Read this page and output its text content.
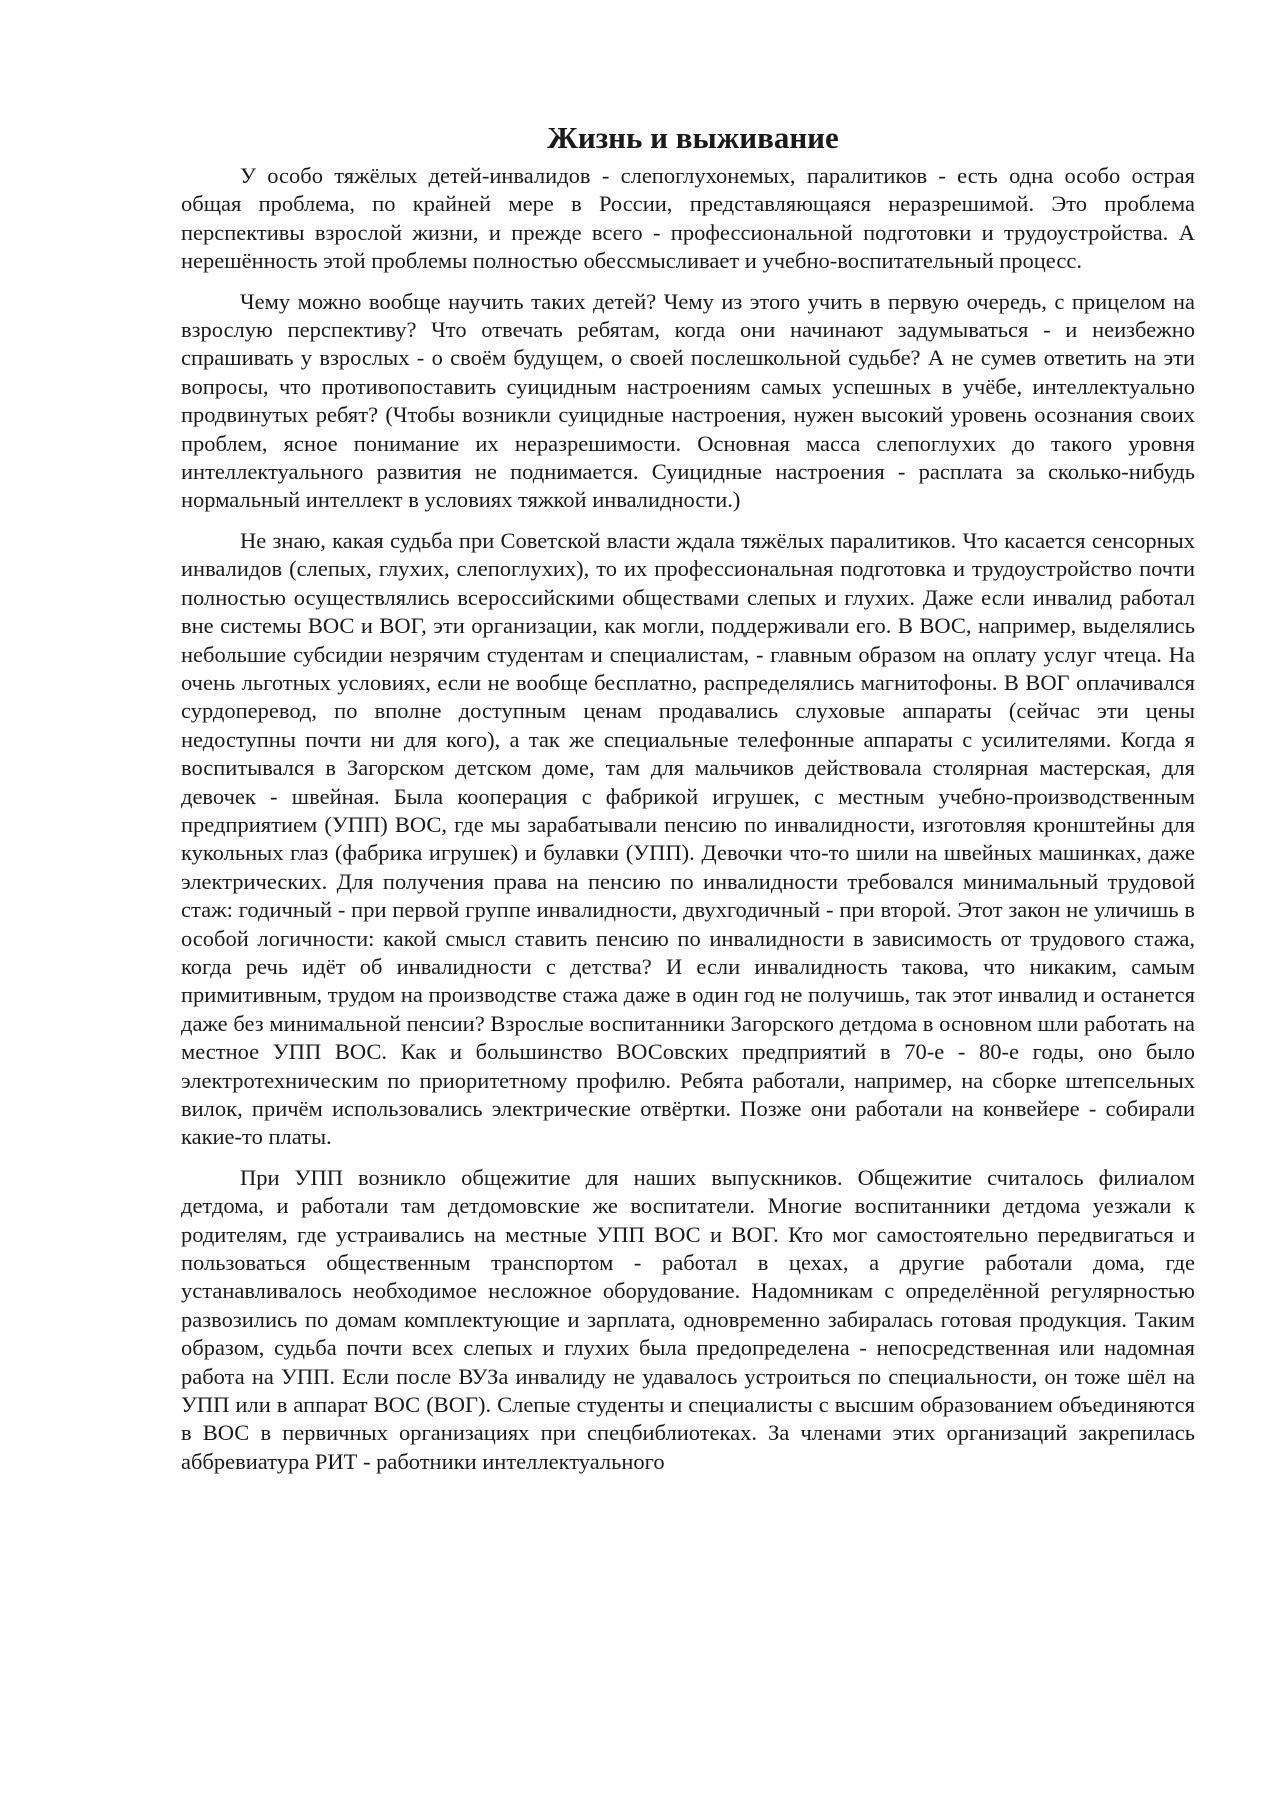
Жизнь и выживание

У особо тяжёлых детей-инвалидов - слепоглухонемых, паралитиков - есть одна особо острая общая проблема, по крайней мере в России, представляющаяся неразрешимой. Это проблема перспективы взрослой жизни, и прежде всего - профессиональной подготовки и трудоустройства. А нерешённость этой проблемы полностью обессмысливает и учебно-воспитательный процесс.

Чему можно вообще научить таких детей? Чему из этого учить в первую очередь, с прицелом на взрослую перспективу? Что отвечать ребятам, когда они начинают задумываться - и неизбежно спрашивать у взрослых - о своём будущем, о своей послешкольной судьбе? А не сумев ответить на эти вопросы, что противопоставить суицидным настроениям самых успешных в учёбе, интеллектуально продвинутых ребят? (Чтобы возникли суицидные настроения, нужен высокий уровень осознания своих проблем, ясное понимание их неразрешимости. Основная масса слепоглухих до такого уровня интеллектуального развития не поднимается. Суицидные настроения - расплата за сколько-нибудь нормальный интеллект в условиях тяжкой инвалидности.)

Не знаю, какая судьба при Советской власти ждала тяжёлых паралитиков. Что касается сенсорных инвалидов (слепых, глухих, слепоглухих), то их профессиональная подготовка и трудоустройство почти полностью осуществлялись всероссийскими обществами слепых и глухих. Даже если инвалид работал вне системы ВОС и ВОГ, эти организации, как могли, поддерживали его. В ВОС, например, выделялись небольшие субсидии незрячим студентам и специалистам, - главным образом на оплату услуг чтеца. На очень льготных условиях, если не вообще бесплатно, распределялись магнитофоны. В ВОГ оплачивался сурдоперевод, по вполне доступным ценам продавались слуховые аппараты (сейчас эти цены недоступны почти ни для кого), а так же специальные телефонные аппараты с усилителями. Когда я воспитывался в Загорском детском доме, там для мальчиков действовала столярная мастерская, для девочек - швейная. Была кооперация с фабрикой игрушек, с местным учебно-производственным предприятием (УПП) ВОС, где мы зарабатывали пенсию по инвалидности, изготовляя кронштейны для кукольных глаз (фабрика игрушек) и булавки (УПП). Девочки что-то шили на швейных машинках, даже электрических. Для получения права на пенсию по инвалидности требовался минимальный трудовой стаж: годичный - при первой группе инвалидности, двухгодичный - при второй. Этот закон не уличишь в особой логичности: какой смысл ставить пенсию по инвалидности в зависимость от трудового стажа, когда речь идёт об инвалидности с детства? И если инвалидность такова, что никаким, самым примитивным, трудом на производстве стажа даже в один год не получишь, так этот инвалид и останется даже без минимальной пенсии? Взрослые воспитанники Загорского детдома в основном шли работать на местное УПП ВОС. Как и большинство ВОСовских предприятий в 70-е - 80-е годы, оно было электротехническим по приоритетному профилю. Ребята работали, например, на сборке штепсельных вилок, причём использовались электрические отвёртки. Позже они работали на конвейере - собирали какие-то платы.

При УПП возникло общежитие для наших выпускников. Общежитие считалось филиалом детдома, и работали там детдомовские же воспитатели. Многие воспитанники детдома уезжали к родителям, где устраивались на местные УПП ВОС и ВОГ. Кто мог самостоятельно передвигаться и пользоваться общественным транспортом - работал в цехах, а другие работали дома, где устанавливалось необходимое несложное оборудование. Надомникам с определённой регулярностью развозились по домам комплектующие и зарплата, одновременно забиралась готовая продукция. Таким образом, судьба почти всех слепых и глухих была предопределена - непосредственная или надомная работа на УПП. Если после ВУЗа инвалиду не удавалось устроиться по специальности, он тоже шёл на УПП или в аппарат ВОС (ВОГ). Слепые студенты и специалисты с высшим образованием объединяются в ВОС в первичных организациях при спецбиблиотеках. За членами этих организаций закрепилась аббревиатура РИТ - работники интеллектуального
